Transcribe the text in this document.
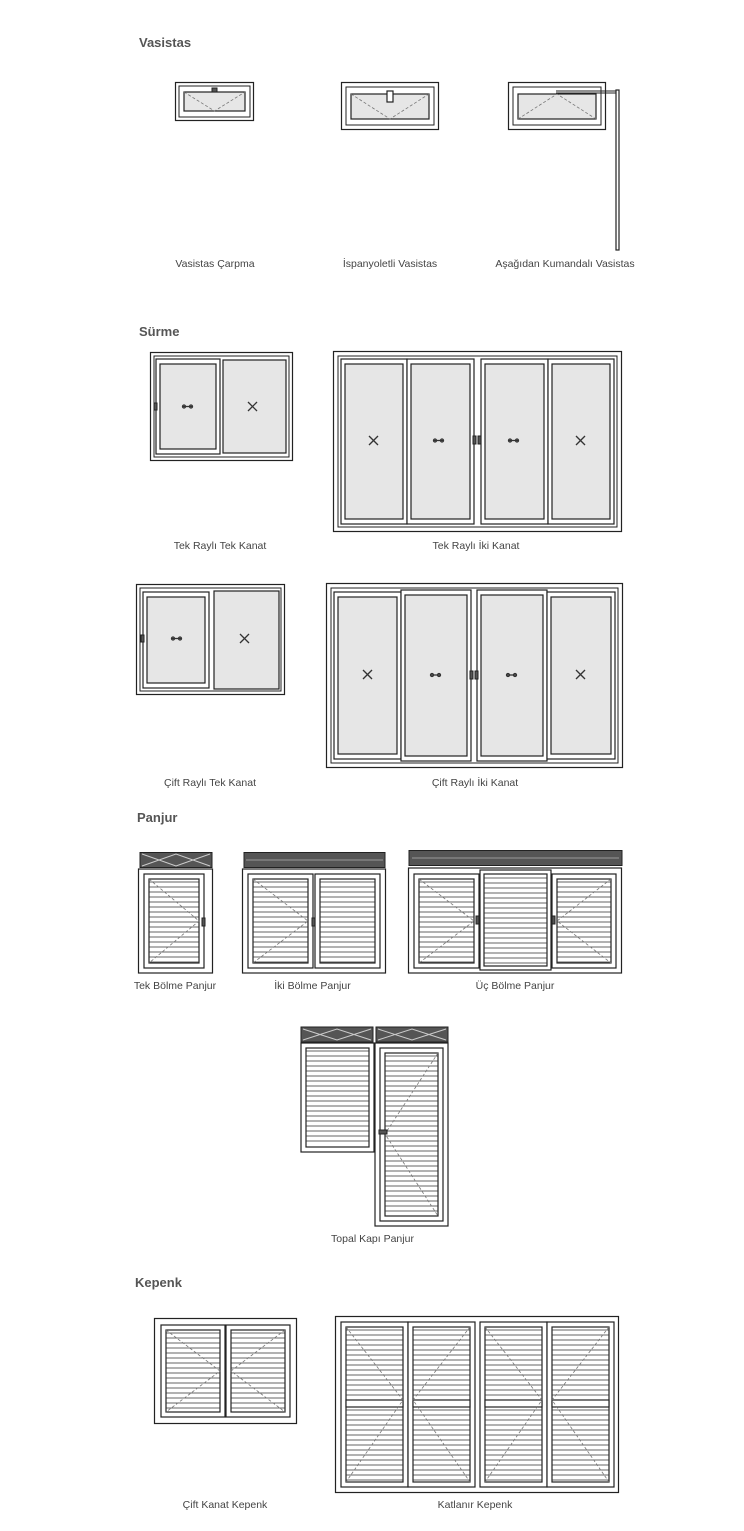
Vasistas
Vasistas Çarpma	İspanyoletli Vasistas	Aşağıdan Kumandalı Vasistas
Sürme
Tek Raylı Tek Kanat	Tek Raylı İki Kanat
Çift Raylı Tek Kanat	Çift Raylı İki Kanat
Panjur
Tek Bölme Panjur	İki Bölme Panjur	Üç Bölme Panjur
Topal Kapı Panjur
Kepenk
Çift Kanat Kepenk	Katlanır Kepenk
